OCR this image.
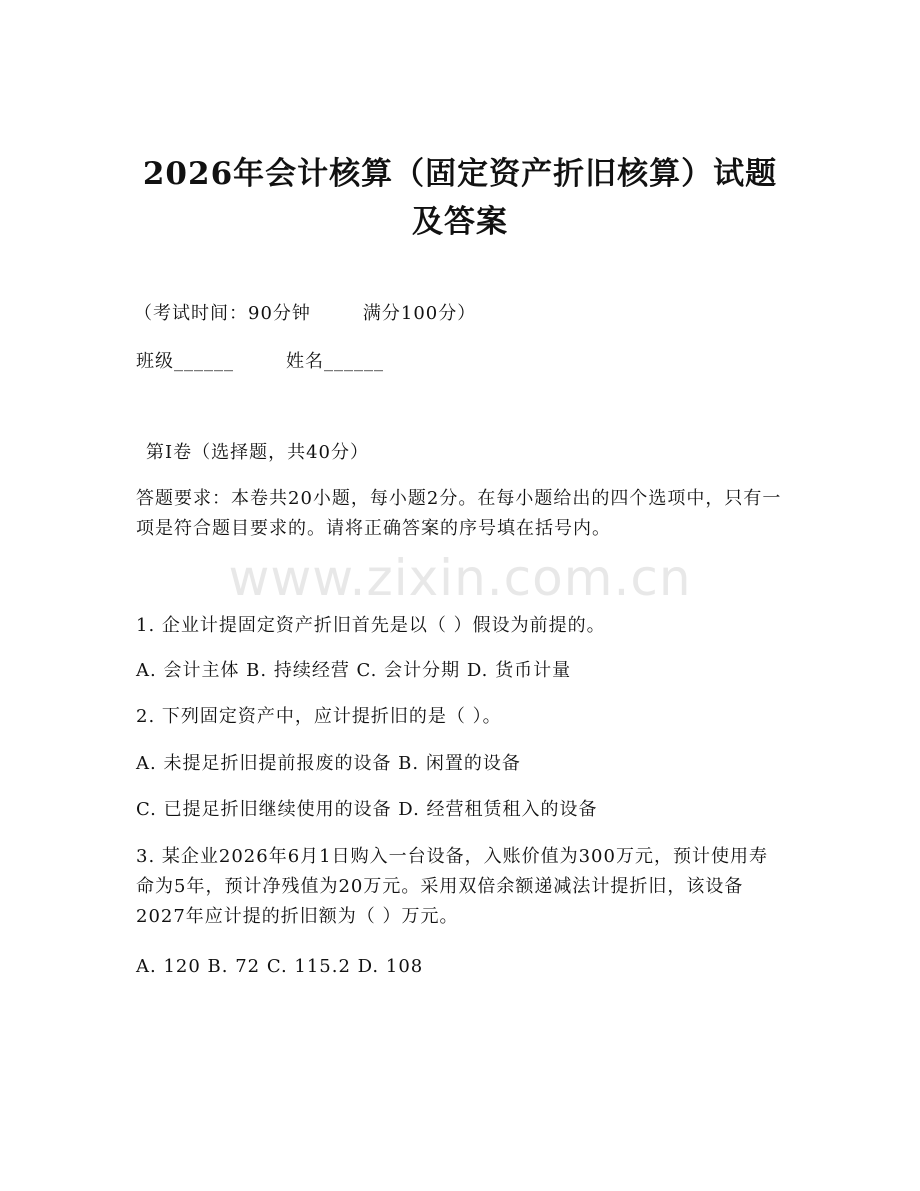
2026年会计核算（固定资产折旧核算）试题
及答案
（考试时间：90分钟	满分100分）
班级______	姓名______
第I卷（选择题，共40分）
答题要求：本卷共20小题，每小题2分。在每小题给出的四个选项中，只有一项是符合题目要求的。请将正确答案的序号填在括号内。
www.zixin.com.cn
1. 企业计提固定资产折旧首先是以（ ）假设为前提的。
A. 会计主体 B. 持续经营 C. 会计分期 D. 货币计量
2. 下列固定资产中，应计提折旧的是（ ）。
A. 未提足折旧提前报废的设备 B. 闲置的设备
C. 已提足折旧继续使用的设备 D. 经营租赁租入的设备
3. 某企业2026年6月1日购入一台设备，入账价值为300万元，预计使用寿命为5年，预计净残值为20万元。采用双倍余额递减法计提折旧，该设备2027年应计提的折旧额为（ ）万元。
A. 120 B. 72 C. 115.2 D. 108
